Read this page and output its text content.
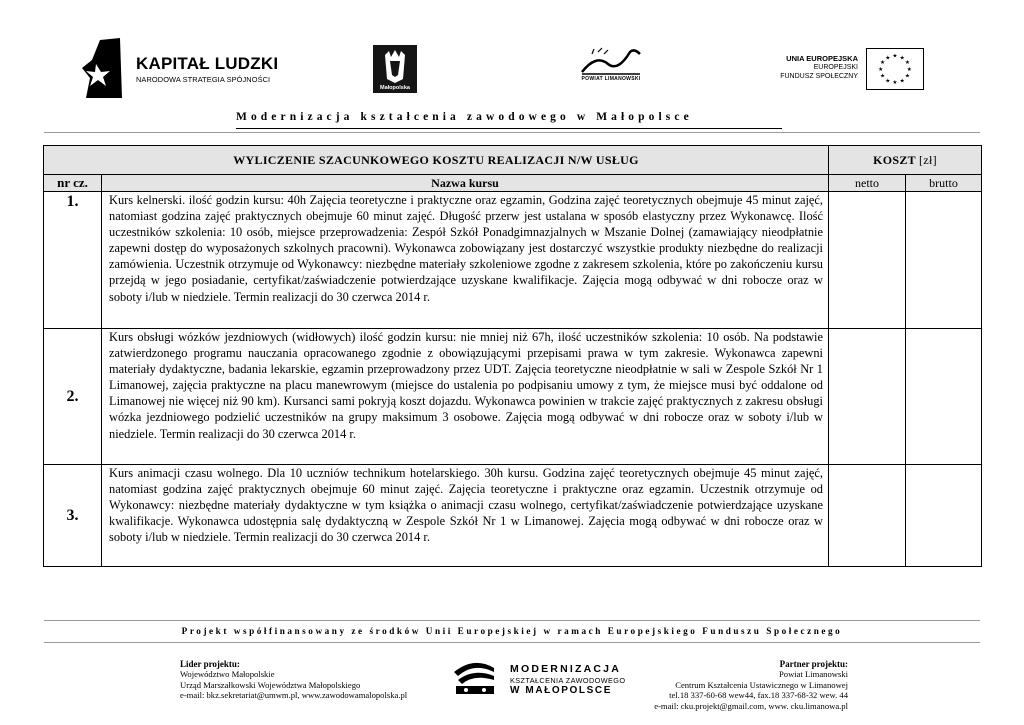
KAPITAŁ LUDZKI
NARODOWA STRATEGIA SPÓJNOŚCI
Małopolska
POWIAT LIMANOWSKI
UNIA EUROPEJSKA
EUROPEJSKI
FUNDUSZ SPOŁECZNY
★ ★
★
★
★
★
★
★
★
★
★
★
Modernizacja kształcenia zawodowego w Małopolsce
WYLICZENIE SZACUNKOWEGO KOSZTU REALIZACJI N/W USŁUG		KOSZT [zł]	
nr cz.	Nazwa kursu	netto	brutto
1.	Kurs kelnerski. ilość godzin kursu: 40h Zajęcia teoretyczne i praktyczne oraz egzamin, Godzina zajęć teoretycznych obejmuje 45 minut zajęć, natomiast godzina zajęć praktycznych obejmuje 60 minut zajęć. Długość przerw jest ustalana w sposób elastyczny przez Wykonawcę. Ilość uczestników szkolenia: 10 osób, miejsce przeprowadzenia: Zespół Szkół Ponadgimnazjalnych w Mszanie Dolnej (zamawiający nieodpłatnie zapewni dostęp do wyposażonych szkolnych pracowni). Wykonawca zobowiązany jest dostarczyć wszystkie produkty niezbędne do realizacji zamówienia. Uczestnik otrzymuje od Wykonawcy: niezbędne materiały szkoleniowe zgodne z zakresem szkolenia, które po zakończeniu kursu przejdą w jego posiadanie, certyfikat/zaświadczenie potwierdzające uzyskane kwalifikacje. Zajęcia mogą odbywać w dni robocze oraz w soboty i/lub w niedziele. Termin realizacji do 30 czerwca 2014 r.		
2.	Kurs obsługi wózków jezdniowych (widłowych) ilość godzin kursu: nie mniej niż 67h, ilość uczestników szkolenia: 10 osób. Na podstawie zatwierdzonego programu nauczania opracowanego zgodnie z obowiązującymi przepisami prawa w tym zakresie. Wykonawca zapewni materiały dydaktyczne, badania lekarskie, egzamin przeprowadzony przez UDT. Zajęcia teoretyczne nieodpłatnie w sali w Zespole Szkół Nr 1 Limanowej, zajęcia praktyczne na placu manewrowym (miejsce do ustalenia po podpisaniu umowy z tym, że miejsce musi być oddalone od Limanowej nie więcej niż 90 km). Kursanci sami pokryją koszt dojazdu. Wykonawca powinien w trakcie zajęć praktycznych z zakresu obsługi wózka jezdniowego podzielić uczestników na grupy maksimum 3 osobowe. Zajęcia mogą odbywać w dni robocze oraz w soboty i/lub w niedziele. Termin realizacji do 30 czerwca 2014 r.		
3.	Kurs animacji czasu wolnego. Dla 10 uczniów technikum hotelarskiego. 30h kursu. Godzina zajęć teoretycznych obejmuje 45 minut zajęć, natomiast godzina zajęć praktycznych obejmuje 60 minut zajęć. Zajęcia teoretyczne i praktyczne oraz egzamin. Uczestnik otrzymuje od Wykonawcy: niezbędne materiały dydaktyczne w tym książka o animacji czasu wolnego, certyfikat/zaświadczenie potwierdzające uzyskane kwalifikacje. Wykonawca udostępnia salę dydaktyczną w Zespole Szkół Nr 1 w Limanowej. Zajęcia mogą odbywać w dni robocze oraz w soboty i/lub w niedziele. Termin realizacji do 30 czerwca 2014 r.		
Projekt współfinansowany ze środków Unii Europejskiej w ramach Europejskiego Funduszu Społecznego
Lider projektu:
Województwo Małopolskie
Urząd Marszałkowski Województwa Małopolskiego
e-mail: bkz.sekretariat@umwm.pl, www.zawodowamalopolska.pl
MODERNIZACJA
KSZTAŁCENIA ZAWODOWEGO
W MAŁOPOLSCE
Partner projektu:
Powiat Limanowski
Centrum Kształcenia Ustawicznego w Limanowej
tel.18 337-60-68 wew44, fax.18 337-68-32 wew. 44
e-mail: cku.projekt@gmail.com, www. cku.limanowa.pl
